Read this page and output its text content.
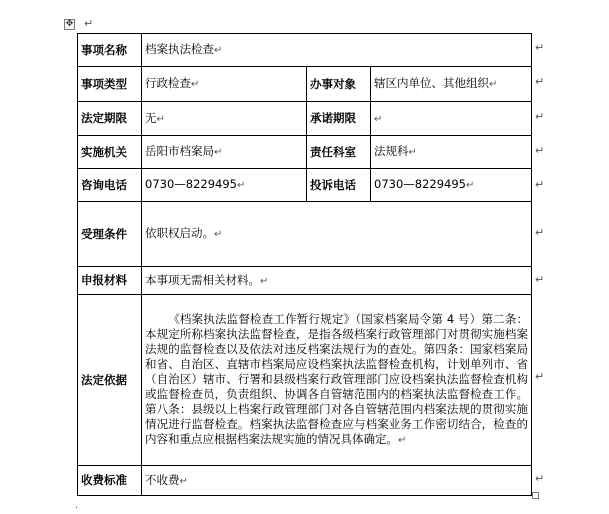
✥ ↵
事项名称	档案执法检查↵		
事项类型	行政检查↵	办事对象	辖区内单位、其他组织↵
法定期限	无↵	承诺期限	↵
实施机关	岳阳市档案局↵	责任科室	法规科↵
咨询电话	0730—8229495↵	投诉电话	0730—8229495↵
受理条件	依职权启动。↵		
申报材料	本事项无需相关材料。↵		
法定依据	《档案执法监督检查工作暂行规定》（国家档案局令第 4 号）第二条：本规定所称档案执法监督检查，是指各级档案行政管理部门对贯彻实施档案法规的监督检查以及依法对违反档案法规行为的查处。第四条：国家档案局和省、自治区、直辖市档案局应设档案执法监督检查机构，计划单列市、省（自治区）辖市、行署和县级档案行政管理部门应设档案执法监督检查机构或监督检查员，负责组织、协调各自管辖范围内的档案执法监督检查工作。第八条：县级以上档案行政管理部门对各自管辖范围内档案法规的贯彻实施情况进行监督检查。档案执法监督检查应与档案业务工作密切结合，检查的内容和重点应根据档案法规实施的情况具体确定。↵		
收费标准	不收费↵		
↵
↵
↵
↵
↵
↵
↵
↵
↵
.
